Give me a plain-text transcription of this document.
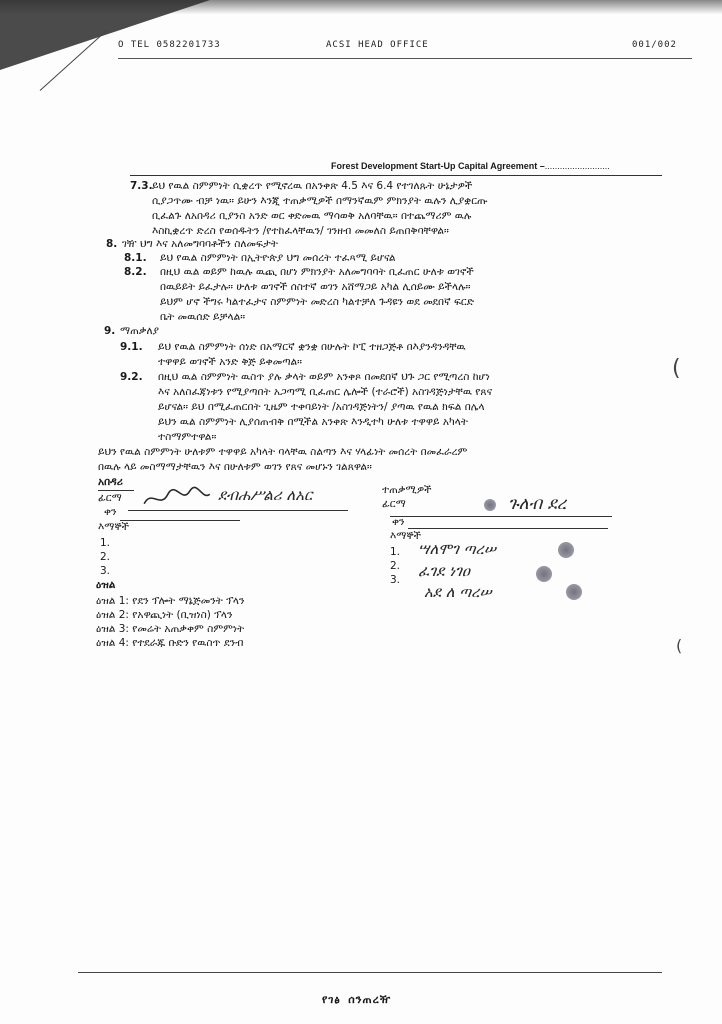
O TEL 0582201733	ACSI HEAD OFFICE	001/002
Forest Development Start-Up Capital Agreement –..........................
7.3. ይህ የዉል ስምምነት ሲቋረጥ የሚኖረዉ በአንቀጽ 4.5 እና 6.4 የተገለጹት ሁኔታዎች
ሲያጋጥሙ ብቻ ነዉ። ይሁን እንጂ ተጠቃሚዎች በማንኛዉም ምክንያት ዉሉን ሊያቋርጡ
ቢፈልጉ ለአበዳሪ ቢያንስ አንድ ወር ቀድመዉ ማሳወቅ አለባቸዉ። በተጨማሪም ዉሉ
እስኪቋረጥ ድረስ የወሰዱትን /የተከፈላቸዉን/ ገንዘብ መመለስ ይጠበቅባቸዋል።
8. ገዥ ህግ እና አለመግባባቶችን ስለመፍታት
8.1. ይህ የዉል ስምምነት በኢትዮጵያ ህግ መሰረት ተፈጻሚ ይሆናል
8.2. በዚህ ዉል ወይም ከዉሉ ዉጪ በሆነ ምክንያት አለመግባባት ቢፈጠር ሁለቱ ወገኖች
በዉይይት ይፈታሉ። ሁለቱ ወገኖች ሰስተኛ ወገን አሸማጋይ አካል ሊሰይሙ ይችላሉ።
ይህም ሆኖ ችግሩ ካልተፈታና ስምምነት መድረስ ካልተቻለ ጉዳዩን ወደ መደበኛ ፍርድ
ቤት መዉሰድ ይቻላል።
9. ማጠቃለያ
9.1. ይህ የዉል ስምምነት ሰነድ በአማርኛ ቋንቋ በሁሉት ኮፒ ተዘጋጅቶ በእያንዳንዳቸዉ
ተዋዋይ ወገኖች አንድ ቅጅ ይቀመጣል።
9.2. በዚህ ዉል ስምምነት ዉስጥ ያሉ ቃላት ወይም አንቀጾ በመደበኛ ህጉ ጋር የሚጣረስ ከሆነ
እና አለስፈጃነቱን የሚያጣበት አጋጣሚ ቢፈጠር ሌሎች (ተራሮች) አስገዳጅነታቸዉ የጸና
ይሆናል። ይህ በሚፈጠርበት ጊዜም ተቀባይነት /አስገዳጅነትን/ ያጣዉ የዉል ክፍል በሌላ
ይህን ዉል ስምምነት ሊያሰጠብቅ በሚችል አንቀጽ እንዲተካ ሁለቱ ተዋዋይ አካላት
ተስማምተዋል።
ይህን የዉል ስምምነት ሁለቱም ተዋዋይ አካላት ባላቸዉ ስልጣን እና ሃላፊነት መሰረት በመፈራረም
በዉሉ ላይ መስማማታቸዉን እና በሁለቱም ወገን የጸና መሆኑን ገልጸዋል።
አበዳሪ
ፊርማ	ደብሐሥልሪ ለአር
ቀን
እማኞች
1.
2.
3.
ዕዝል
ዕዝል 1: የደን ፕሎት ማኔጅመንት ፕላን
ዕዝል 2: የአዋጪነት (ቢዝነስ) ፕላን
ዕዝል 3: የመሬት አጠቃቀም ስምምነት
ዕዝል 4: የተደራጁ ቡድን የዉስጥ ደንብ
ተጠቃሚዎች
ፊርማ	ጉለብ ደረ
ቀን
እማኞች
1.
2.
3.
ሣለሞገ ጣረሠ
ፈገደ ነገዐ
አደ ለ ጣረሠ
(
(
የገፅ ሰንጠረዥ
